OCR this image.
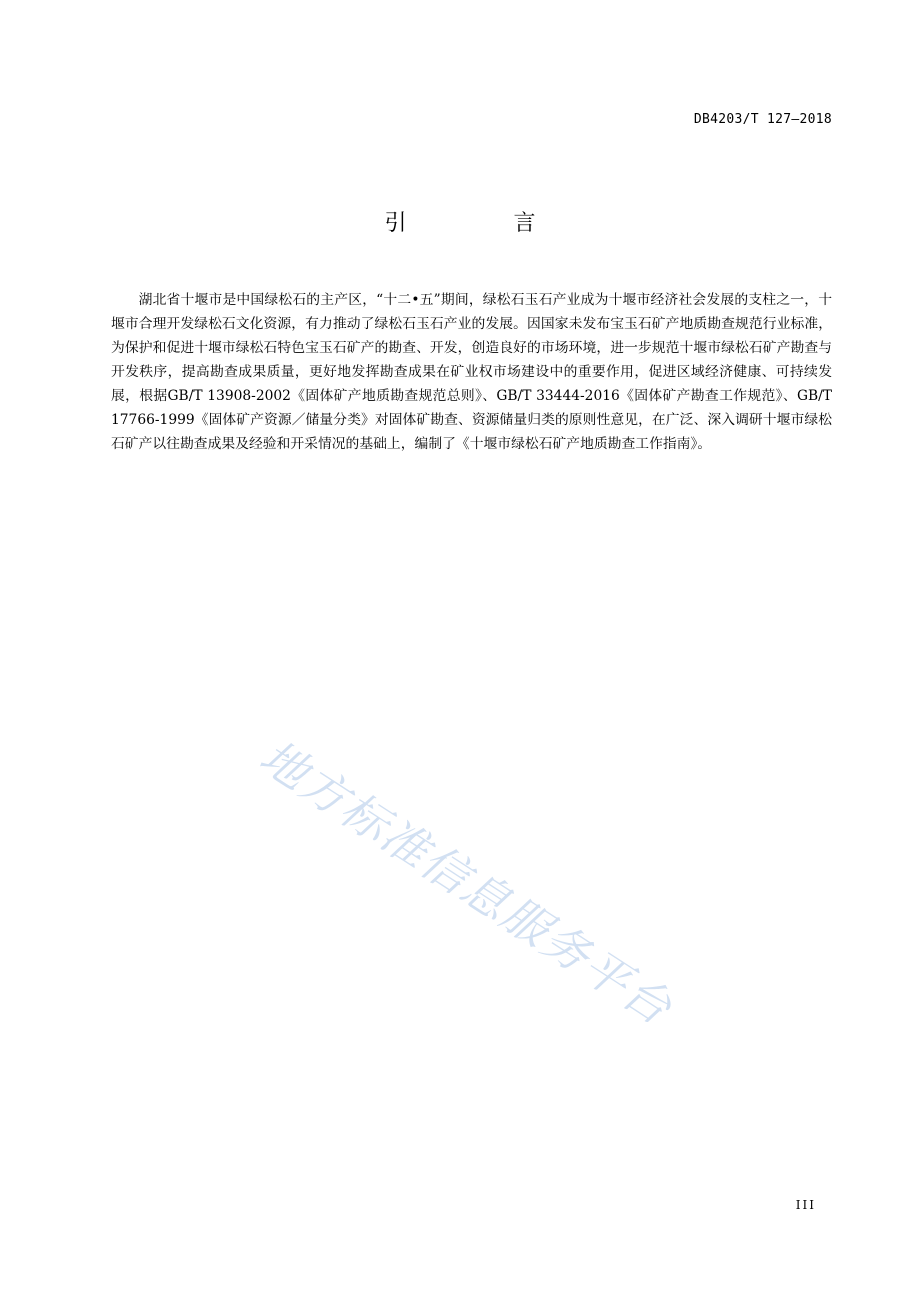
DB4203/T 127—2018
引 言

湖北省十堰市是中国绿松石的主产区，“十二•五”期间，绿松石玉石产业成为十堰市经济社会发展的支柱之一，十堰市合理开发绿松石文化资源，有力推动了绿松石玉石产业的发展。因国家未发布宝玉石矿产地质勘查规范行业标准，为保护和促进十堰市绿松石特色宝玉石矿产的勘查、开发，创造良好的市场环境，进一步规范十堰市绿松石矿产勘查与开发秩序，提高勘查成果质量，更好地发挥勘查成果在矿业权市场建设中的重要作用，促进区域经济健康、可持续发展，根据GB/T 13908-2002《固体矿产地质勘查规范总则》、GB/T 33444-2016《固体矿产勘查工作规范》、GB/T 17766-1999《固体矿产资源／储量分类》对固体矿勘查、资源储量归类的原则性意见，在广泛、深入调研十堰市绿松石矿产以往勘查成果及经验和开采情况的基础上，编制了《十堰市绿松石矿产地质勘查工作指南》。

地方标准信息服务平台
III
